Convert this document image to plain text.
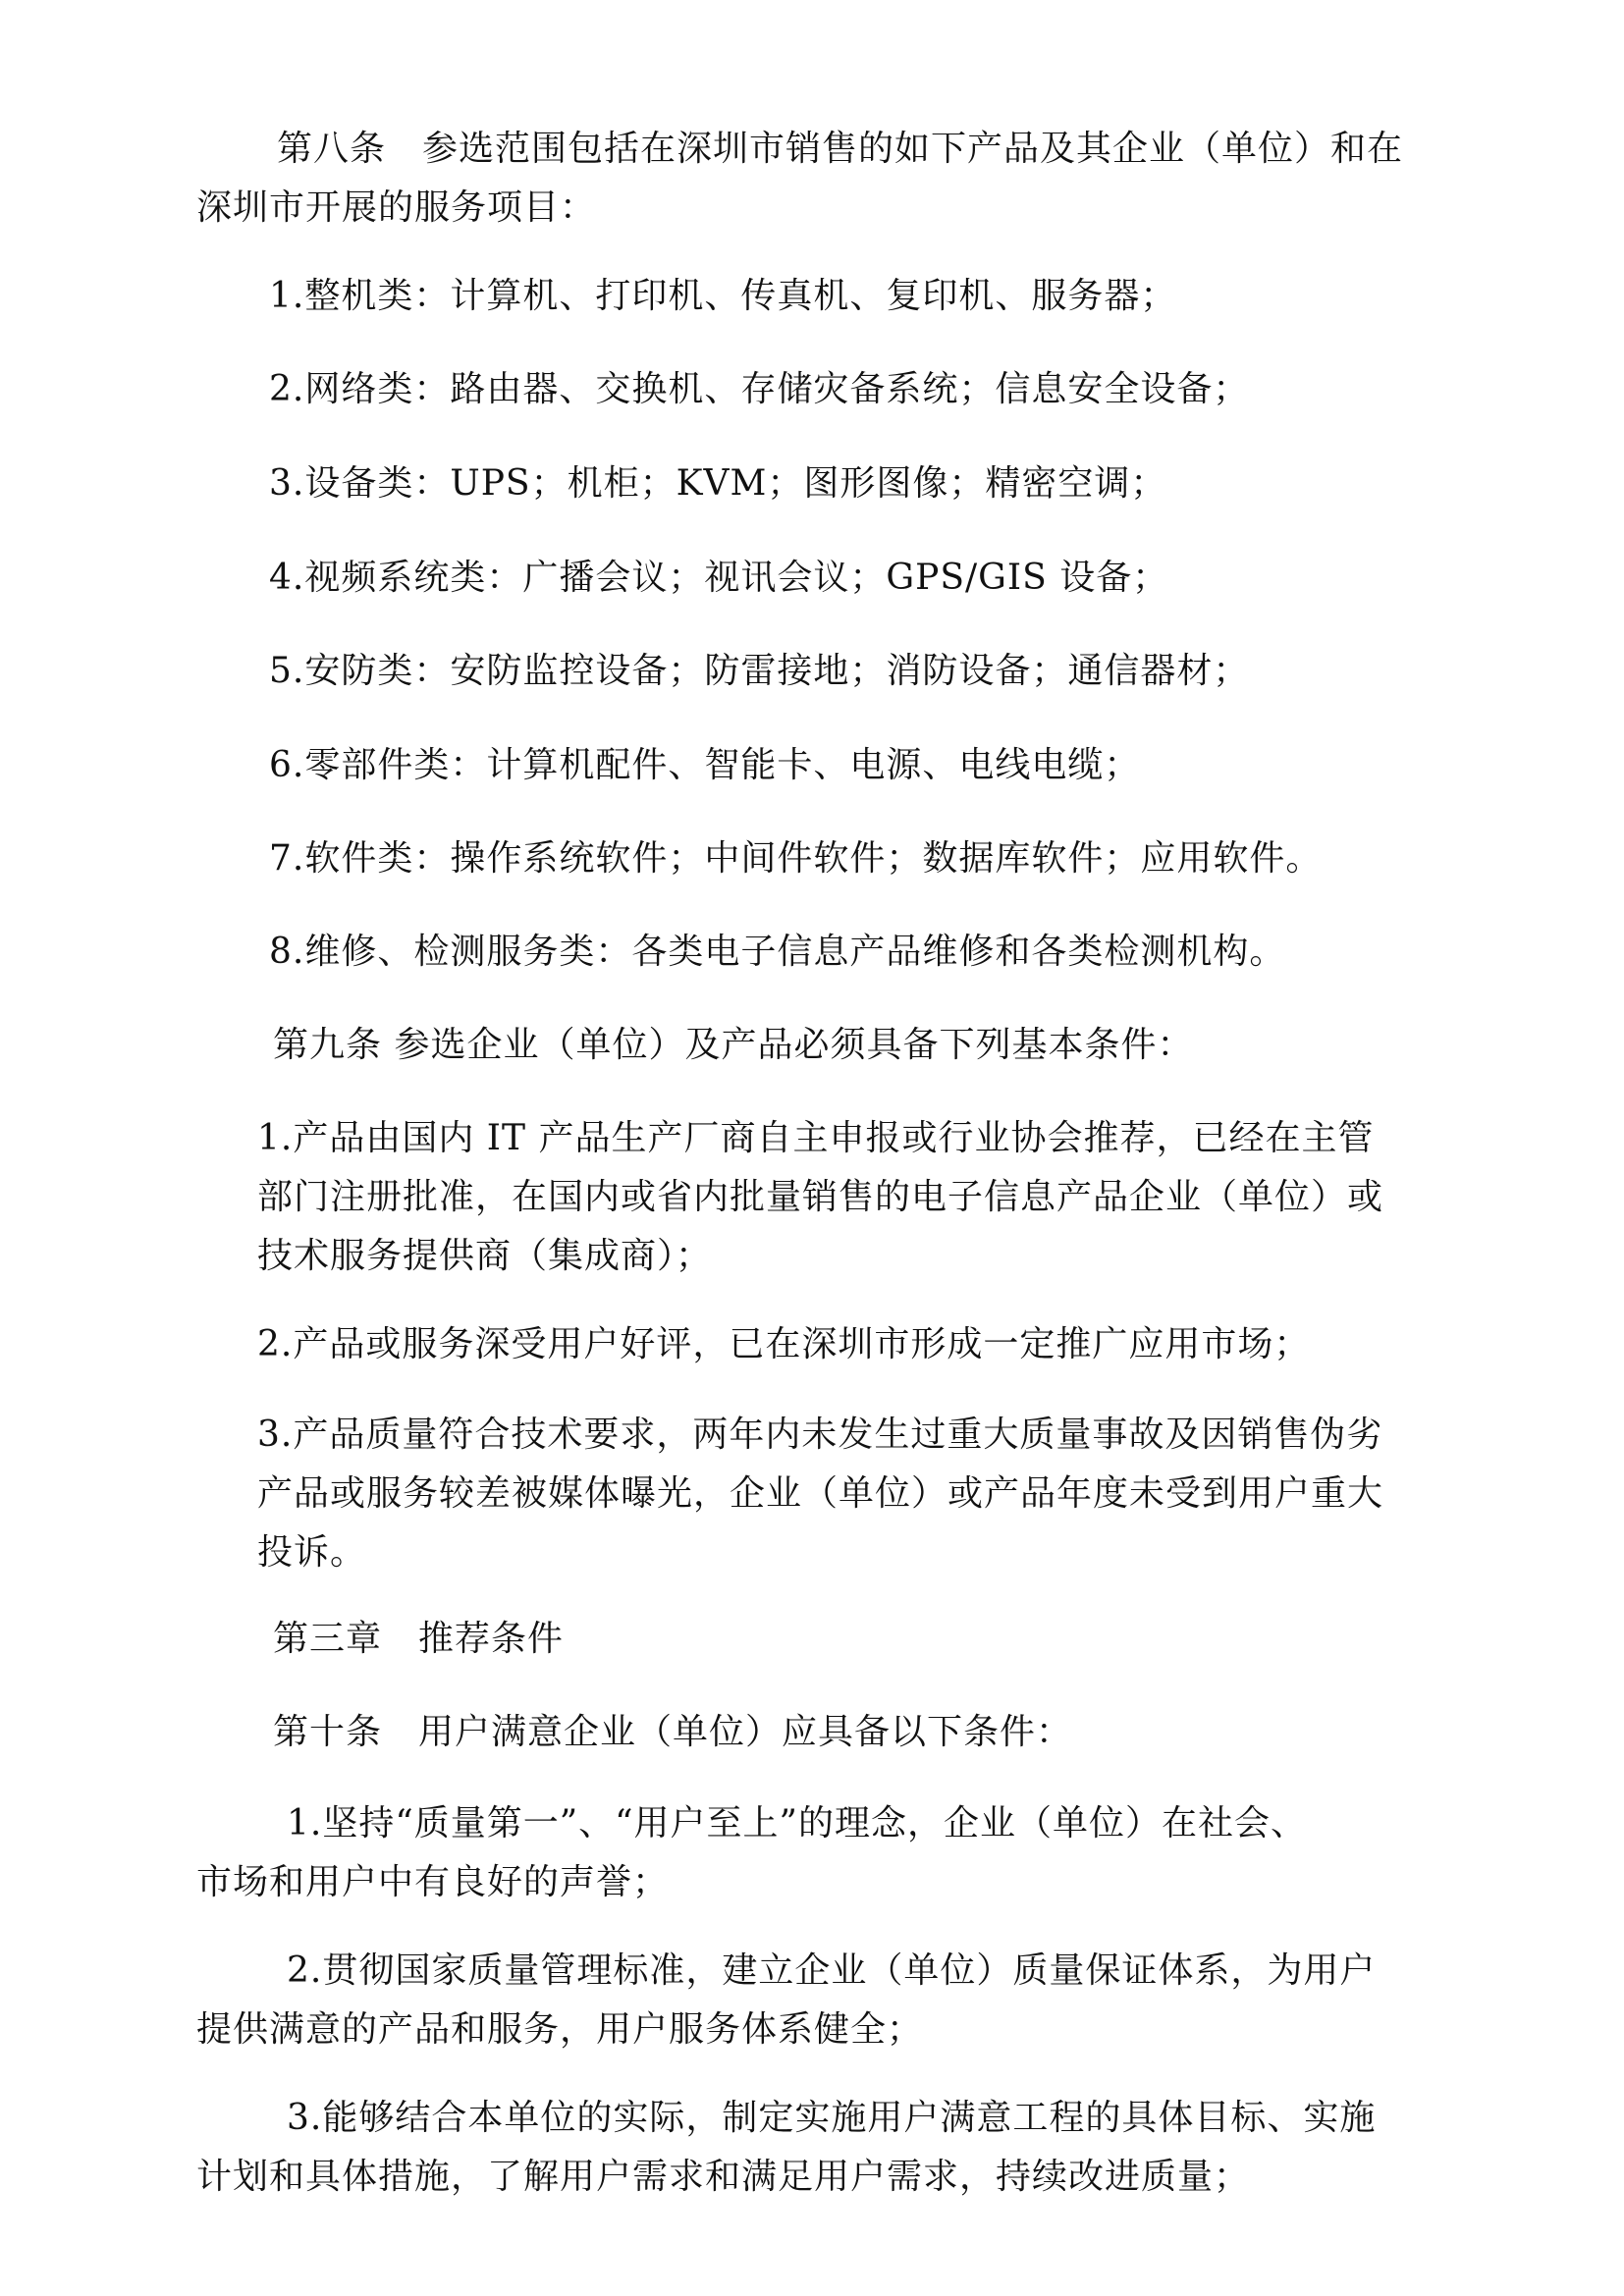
第八条　参选范围包括在深圳市销售的如下产品及其企业（单位）和在
深圳市开展的服务项目：
1.整机类：计算机、打印机、传真机、复印机、服务器；
2.网络类：路由器、交换机、存储灾备系统；信息安全设备；
3.设备类：UPS；机柜；KVM；图形图像；精密空调；
4.视频系统类：广播会议；视讯会议；GPS/GIS 设备；
5.安防类：安防监控设备；防雷接地；消防设备；通信器材；
6.零部件类：计算机配件、智能卡、电源、电线电缆；
7.软件类：操作系统软件；中间件软件；数据库软件；应用软件。
8.维修、检测服务类：各类电子信息产品维修和各类检测机构。
第九条 参选企业（单位）及产品必须具备下列基本条件：
1.产品由国内 IT 产品生产厂商自主申报或行业协会推荐，已经在主管
部门注册批准，在国内或省内批量销售的电子信息产品企业（单位）或
技术服务提供商（集成商）；
2.产品或服务深受用户好评，已在深圳市形成一定推广应用市场；
3.产品质量符合技术要求，两年内未发生过重大质量事故及因销售伪劣
产品或服务较差被媒体曝光，企业（单位）或产品年度未受到用户重大
投诉。
第三章　推荐条件
第十条　用户满意企业（单位）应具备以下条件：
1.坚持“质量第一”、“用户至上”的理念，企业（单位）在社会、
市场和用户中有良好的声誉；
2.贯彻国家质量管理标准，建立企业（单位）质量保证体系，为用户
提供满意的产品和服务，用户服务体系健全；
3.能够结合本单位的实际，制定实施用户满意工程的具体目标、实施
计划和具体措施，了解用户需求和满足用户需求，持续改进质量；
